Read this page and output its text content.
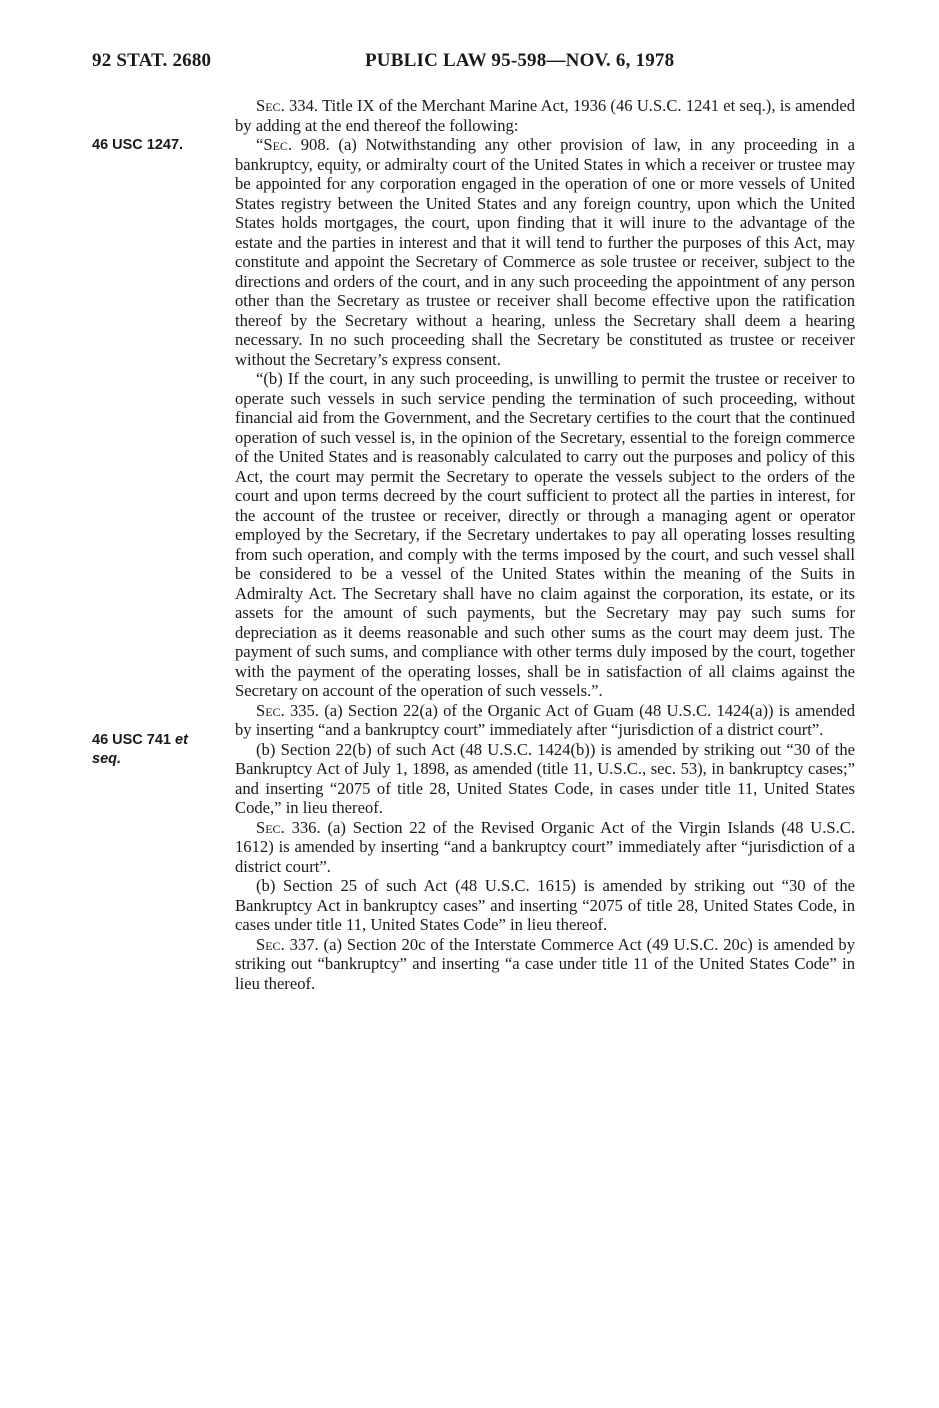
92 STAT. 2680	PUBLIC LAW 95-598—NOV. 6, 1978
46 USC 1247.
46 USC 741 et
seq.

Sec. 334. Title IX of the Merchant Marine Act, 1936 (46 U.S.C. 1241 et seq.), is amended by adding at the end thereof the following:

“Sec. 908. (a) Notwithstanding any other provision of law, in any proceeding in a bankruptcy, equity, or admiralty court of the United States in which a receiver or trustee may be appointed for any corporation engaged in the operation of one or more vessels of United States registry between the United States and any foreign country, upon which the United States holds mortgages, the court, upon finding that it will inure to the advantage of the estate and the parties in interest and that it will tend to further the purposes of this Act, may constitute and appoint the Secretary of Commerce as sole trustee or receiver, subject to the directions and orders of the court, and in any such proceeding the appointment of any person other than the Secretary as trustee or receiver shall become effective upon the ratification thereof by the Secretary without a hearing, unless the Secretary shall deem a hearing necessary. In no such proceeding shall the Secretary be constituted as trustee or receiver without the Secretary’s express consent.

“(b) If the court, in any such proceeding, is unwilling to permit the trustee or receiver to operate such vessels in such service pending the termination of such proceeding, without financial aid from the Government, and the Secretary certifies to the court that the continued operation of such vessel is, in the opinion of the Secretary, essential to the foreign commerce of the United States and is reasonably calculated to carry out the purposes and policy of this Act, the court may permit the Secretary to operate the vessels subject to the orders of the court and upon terms decreed by the court sufficient to protect all the parties in interest, for the account of the trustee or receiver, directly or through a managing agent or operator employed by the Secretary, if the Secretary undertakes to pay all operating losses resulting from such operation, and comply with the terms imposed by the court, and such vessel shall be considered to be a vessel of the United States within the meaning of the Suits in Admiralty Act. The Secretary shall have no claim against the corporation, its estate, or its assets for the amount of such payments, but the Secretary may pay such sums for depreciation as it deems reasonable and such other sums as the court may deem just. The payment of such sums, and compliance with other terms duly imposed by the court, together with the payment of the operating losses, shall be in satisfaction of all claims against the Secretary on account of the operation of such vessels.”.

Sec. 335. (a) Section 22(a) of the Organic Act of Guam (48 U.S.C. 1424(a)) is amended by inserting “and a bankruptcy court” immediately after “jurisdiction of a district court”.

(b) Section 22(b) of such Act (48 U.S.C. 1424(b)) is amended by striking out “30 of the Bankruptcy Act of July 1, 1898, as amended (title 11, U.S.C., sec. 53), in bankruptcy cases;” and inserting “2075 of title 28, United States Code, in cases under title 11, United States Code,” in lieu thereof.

Sec. 336. (a) Section 22 of the Revised Organic Act of the Virgin Islands (48 U.S.C. 1612) is amended by inserting “and a bankruptcy court” immediately after “jurisdiction of a district court”.

(b) Section 25 of such Act (48 U.S.C. 1615) is amended by striking out “30 of the Bankruptcy Act in bankruptcy cases” and inserting “2075 of title 28, United States Code, in cases under title 11, United States Code” in lieu thereof.

Sec. 337. (a) Section 20c of the Interstate Commerce Act (49 U.S.C. 20c) is amended by striking out “bankruptcy” and inserting “a case under title 11 of the United States Code” in lieu thereof.
